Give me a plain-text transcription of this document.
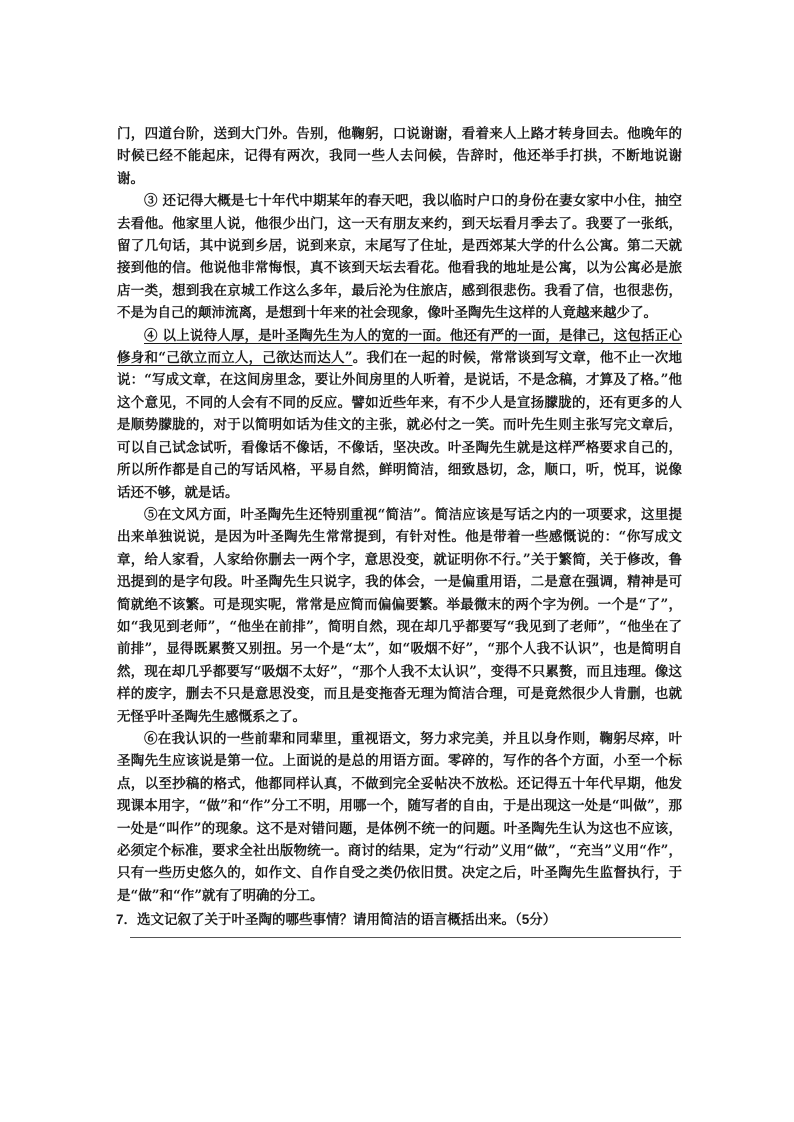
门，四道台阶，送到大门外。告别，他鞠躬，口说谢谢，看着来人上路才转身回去。他晚年的时候已经不能起床，记得有两次，我同一些人去问候，告辞时，他还举手打拱，不断地说谢谢。

③ 还记得大概是七十年代中期某年的春天吧，我以临时户口的身份在妻女家中小住，抽空去看他。他家里人说，他很少出门，这一天有朋友来约，到天坛看月季去了。我要了一张纸，留了几句话，其中说到乡居，说到来京，末尾写了住址，是西郊某大学的什么公寓。第二天就接到他的信。他说他非常悔恨，真不该到天坛去看花。他看我的地址是公寓，以为公寓必是旅店一类，想到我在京城工作这么多年，最后沦为住旅店，感到很悲伤。我看了信，也很悲伤，不是为自己的颠沛流离，是想到十年来的社会现象，像叶圣陶先生这样的人竟越来越少了。

④ 以上说待人厚，是叶圣陶先生为人的宽的一面。他还有严的一面，是律己，这包括正心修身和“己欲立而立人，己欲达而达人”。我们在一起的时候，常常谈到写文章，他不止一次地说：“写成文章，在这间房里念，要让外间房里的人听着，是说话，不是念稿，才算及了格。”他这个意见，不同的人会有不同的反应。譬如近些年来，有不少人是宣扬朦胧的，还有更多的人是顺势朦胧的，对于以简明如话为佳文的主张，就必付之一笑。而叶先生则主张写完文章后，可以自己试念试听，看像话不像话，不像话，坚决改。叶圣陶先生就是这样严格要求自己的，所以所作都是自己的写话风格，平易自然，鲜明简洁，细致恳切，念，顺口，听，悦耳，说像话还不够，就是话。

⑤在文风方面，叶圣陶先生还特别重视“简洁”。简洁应该是写话之内的一项要求，这里提出来单独说说，是因为叶圣陶先生常常提到，有针对性。他是带着一些感慨说的：“你写成文章，给人家看，人家给你删去一两个字，意思没变，就证明你不行。”关于繁简，关于修改，鲁迅提到的是字句段。叶圣陶先生只说字，我的体会，一是偏重用语，二是意在强调，精神是可简就绝不该繁。可是现实呢，常常是应简而偏偏要繁。举最微末的两个字为例。一个是“了”，如“我见到老师”，“他坐在前排”，简明自然，现在却几乎都要写“我见到了老师”，“他坐在了前排”，显得既累赘又别扭。另一个是“太”，如“吸烟不好”，“那个人我不认识”，也是简明自然，现在却几乎都要写“吸烟不太好”，“那个人我不太认识”，变得不只累赘，而且违理。像这样的废字，删去不只是意思没变，而且是变拖沓无理为简洁合理，可是竟然很少人肯删，也就无怪乎叶圣陶先生感慨系之了。

⑥在我认识的一些前辈和同辈里，重视语文，努力求完美，并且以身作则，鞠躬尽瘁，叶圣陶先生应该说是第一位。上面说的是总的用语方面。零碎的，写作的各个方面，小至一个标点，以至抄稿的格式，他都同样认真，不做到完全妥帖决不放松。还记得五十年代早期，他发现课本用字，“做”和“作”分工不明，用哪一个，随写者的自由，于是出现这一处是“叫做”，那一处是“叫作”的现象。这不是对错问题，是体例不统一的问题。叶圣陶先生认为这也不应该，必须定个标准，要求全社出版物统一。商讨的结果，定为“行动”义用“做”，“充当”义用“作”，只有一些历史悠久的，如作文、自作自受之类仍依旧贯。决定之后，叶圣陶先生监督执行，于是“做”和“作”就有了明确的分工。

7．选文记叙了关于叶圣陶的哪些事情？请用简洁的语言概括出来。（5分）
